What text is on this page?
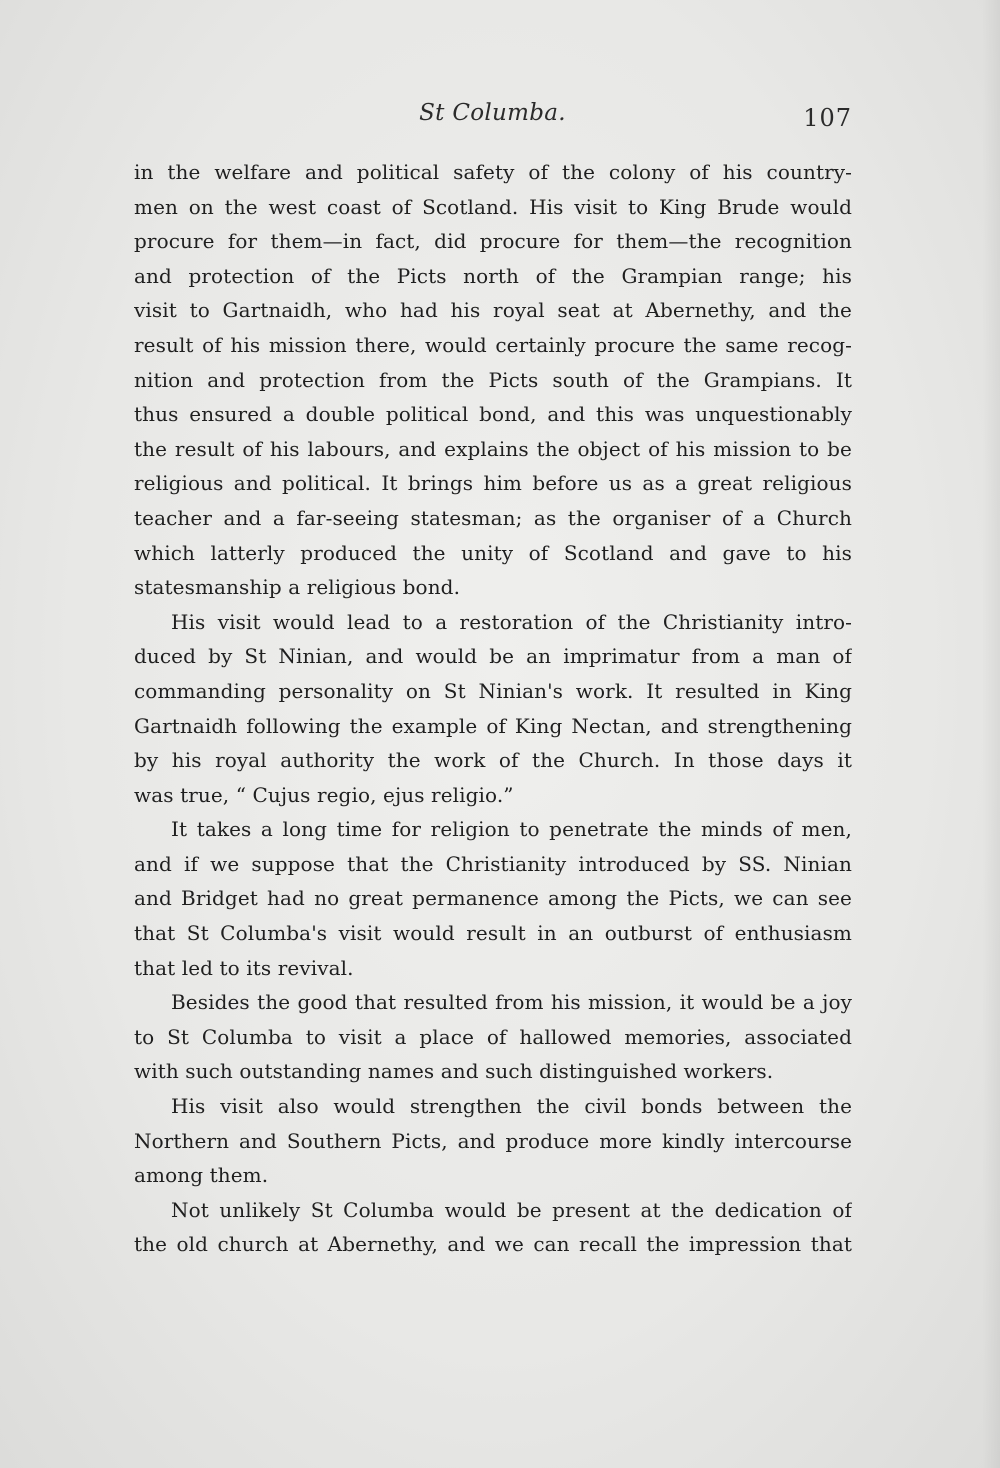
St Columba.	107
in the welfare and political safety of the colony of his country-
men on the west coast of Scotland. His visit to King Brude would
procure for them—in fact, did procure for them—the recognition
and protection of the Picts north of the Grampian range; his
visit to Gartnaidh, who had his royal seat at Abernethy, and the
result of his mission there, would certainly procure the same recog-
nition and protection from the Picts south of the Grampians. It
thus ensured a double political bond, and this was unquestionably
the result of his labours, and explains the object of his mission to be
religious and political. It brings him before us as a great religious
teacher and a far-seeing statesman; as the organiser of a Church
which latterly produced the unity of Scotland and gave to his
statesmanship a religious bond.
His visit would lead to a restoration of the Christianity intro-
duced by St Ninian, and would be an imprimatur from a man of
commanding personality on St Ninian's work. It resulted in King
Gartnaidh following the example of King Nectan, and strengthening
by his royal authority the work of the Church. In those days it
was true, “ Cujus regio, ejus religio.”
It takes a long time for religion to penetrate the minds of men,
and if we suppose that the Christianity introduced by SS. Ninian
and Bridget had no great permanence among the Picts, we can see
that St Columba's visit would result in an outburst of enthusiasm
that led to its revival.
Besides the good that resulted from his mission, it would be a joy
to St Columba to visit a place of hallowed memories, associated
with such outstanding names and such distinguished workers.
His visit also would strengthen the civil bonds between the
Northern and Southern Picts, and produce more kindly intercourse
among them.
Not unlikely St Columba would be present at the dedication of
the old church at Abernethy, and we can recall the impression that
